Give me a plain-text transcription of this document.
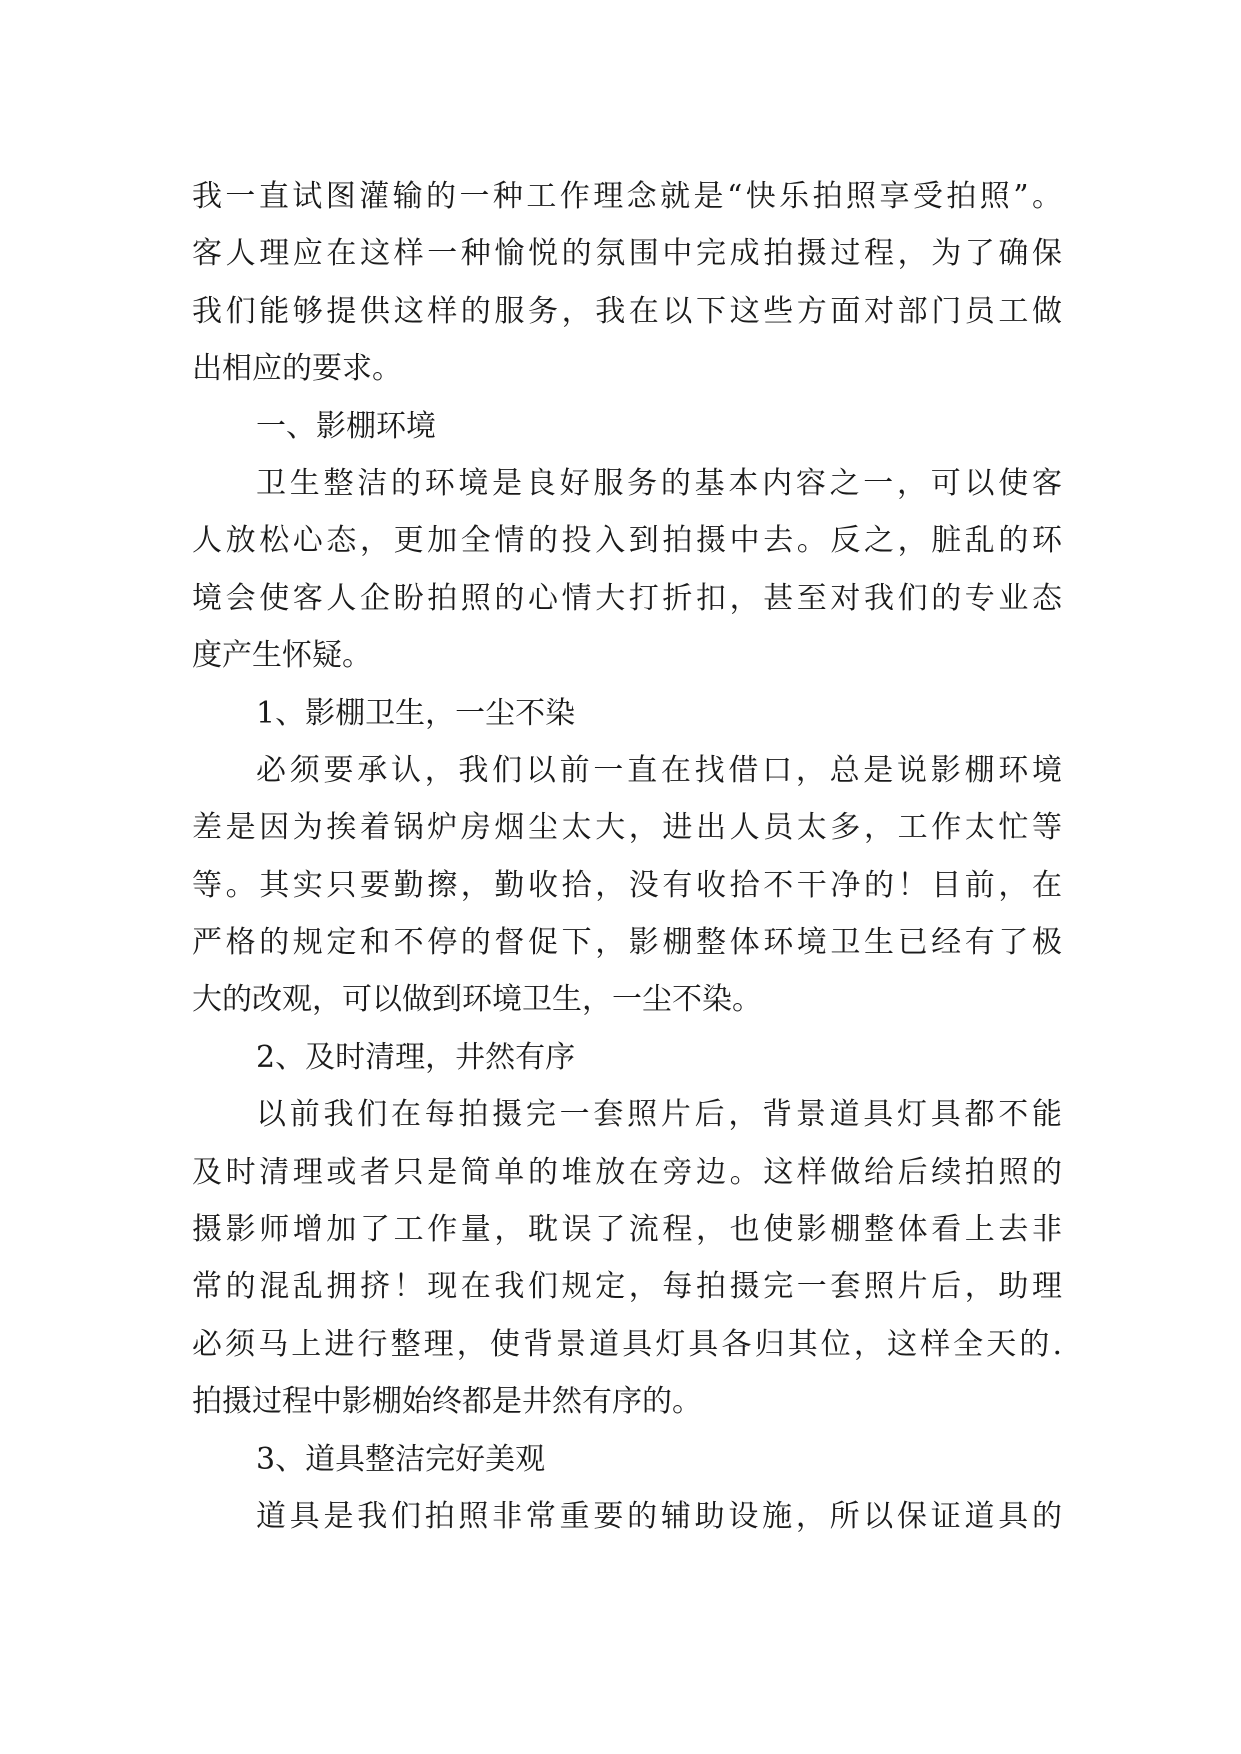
我一直试图灌输的一种工作理念就是“快乐拍照享受拍照”。
客人理应在这样一种愉悦的氛围中完成拍摄过程，为了确保
我们能够提供这样的服务，我在以下这些方面对部门员工做
出相应的要求。
一、影棚环境
卫生整洁的环境是良好服务的基本内容之一，可以使客
人放松心态，更加全情的投入到拍摄中去。反之，脏乱的环
境会使客人企盼拍照的心情大打折扣，甚至对我们的专业态
度产生怀疑。
1、影棚卫生，一尘不染
必须要承认，我们以前一直在找借口，总是说影棚环境
差是因为挨着锅炉房烟尘太大，进出人员太多，工作太忙等
等。其实只要勤擦，勤收拾，没有收拾不干净的！目前，在
严格的规定和不停的督促下，影棚整体环境卫生已经有了极
大的改观，可以做到环境卫生，一尘不染。
2、及时清理，井然有序
以前我们在每拍摄完一套照片后，背景道具灯具都不能
及时清理或者只是简单的堆放在旁边。这样做给后续拍照的
摄影师增加了工作量，耽误了流程，也使影棚整体看上去非
常的混乱拥挤！现在我们规定，每拍摄完一套照片后，助理
必须马上进行整理，使背景道具灯具各归其位，这样全天的.
拍摄过程中影棚始终都是井然有序的。
3、道具整洁完好美观
道具是我们拍照非常重要的辅助设施，所以保证道具的
